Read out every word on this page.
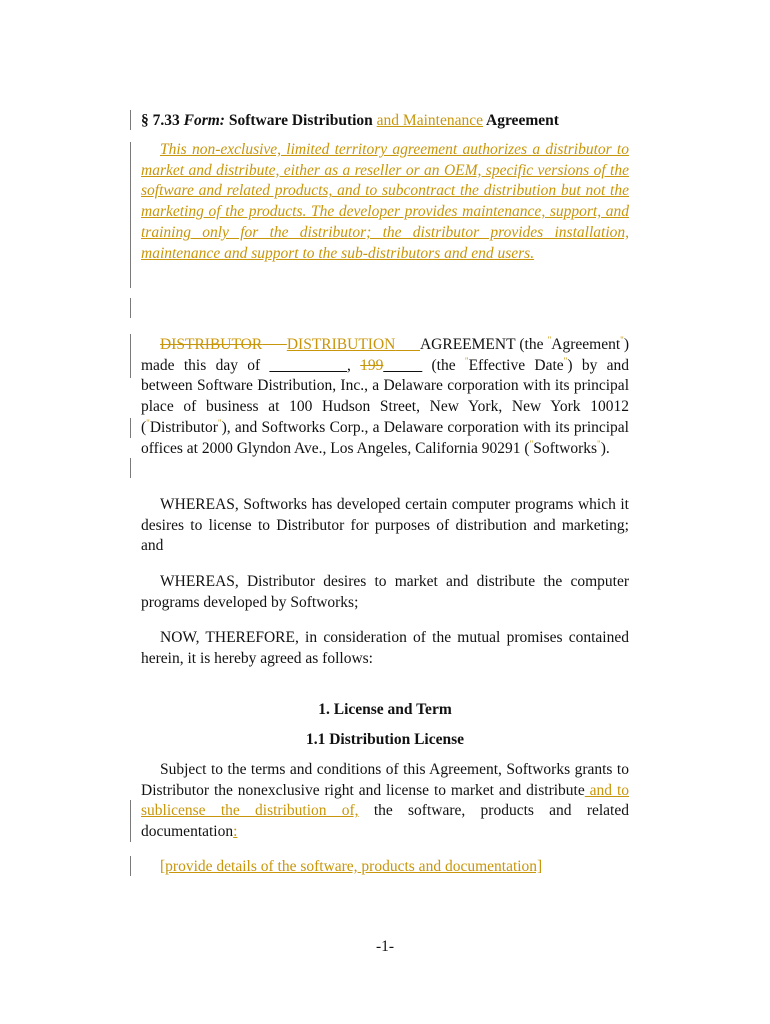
§ 7.33 Form: Software Distribution and Maintenance Agreement
This non-exclusive, limited territory agreement authorizes a distributor to market and distribute, either as a reseller or an OEM, specific versions of the software and related products, and to subcontract the distribution but not the marketing of the products. The developer provides maintenance, support, and training only for the distributor; the distributor provides installation, maintenance and support to the sub-distributors and end users.
DISTRIBUTOR DISTRIBUTION AGREEMENT (the "Agreement") made this day of __________, 199_____ (the "Effective Date") by and between Software Distribution, Inc., a Delaware corporation with its principal place of business at 100 Hudson Street, New York, New York 10012 ("Distributor"), and Softworks Corp., a Delaware corporation with its principal offices at 2000 Glyndon Ave., Los Angeles, California 90291 ("Softworks").
WHEREAS, Softworks has developed certain computer programs which it desires to license to Distributor for purposes of distribution and marketing; and
WHEREAS, Distributor desires to market and distribute the computer programs developed by Softworks;
NOW, THEREFORE, in consideration of the mutual promises contained herein, it is hereby agreed as follows:
1. License and Term
1.1 Distribution License
Subject to the terms and conditions of this Agreement, Softworks grants to Distributor the nonexclusive right and license to market and distribute and to sublicense the distribution of, the software, products and related documentation:
[provide details of the software, products and documentation]
-1-
